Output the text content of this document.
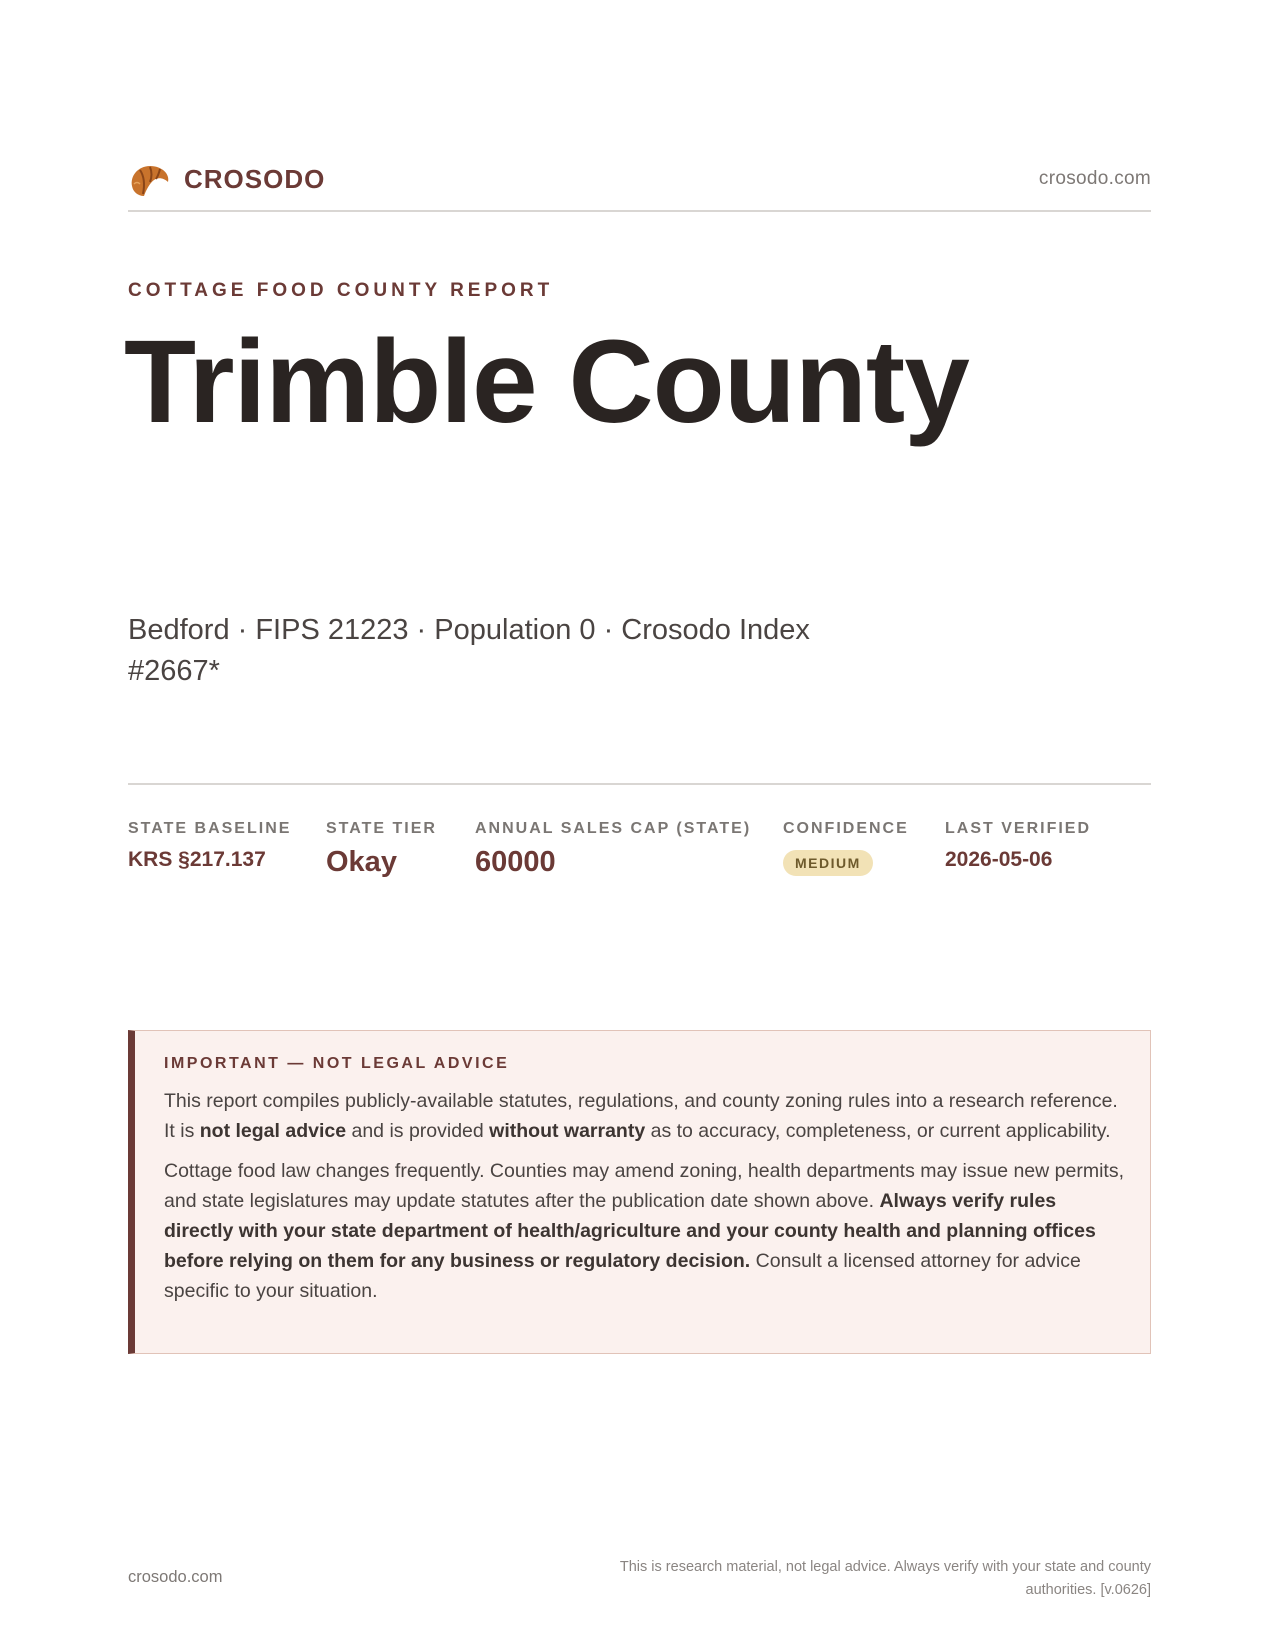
CROSODO	crosodo.com
COTTAGE FOOD COUNTY REPORT
Trimble County
Bedford · FIPS 21223 · Population 0 · Crosodo Index #2667*
STATE BASELINE
KRS §217.137
STATE TIER
Okay
ANNUAL SALES CAP (STATE)
60000
CONFIDENCE
MEDIUM
LAST VERIFIED
2026-05-06
IMPORTANT — NOT LEGAL ADVICE

This report compiles publicly-available statutes, regulations, and county zoning rules into a research reference. It is not legal advice and is provided without warranty as to accuracy, completeness, or current applicability.

Cottage food law changes frequently. Counties may amend zoning, health departments may issue new permits, and state legislatures may update statutes after the publication date shown above. Always verify rules directly with your state department of health/agriculture and your county health and planning offices before relying on them for any business or regulatory decision. Consult a licensed attorney for advice specific to your situation.

crosodo.com
This is research material, not legal advice. Always verify with your state and county authorities. [v.0626]
